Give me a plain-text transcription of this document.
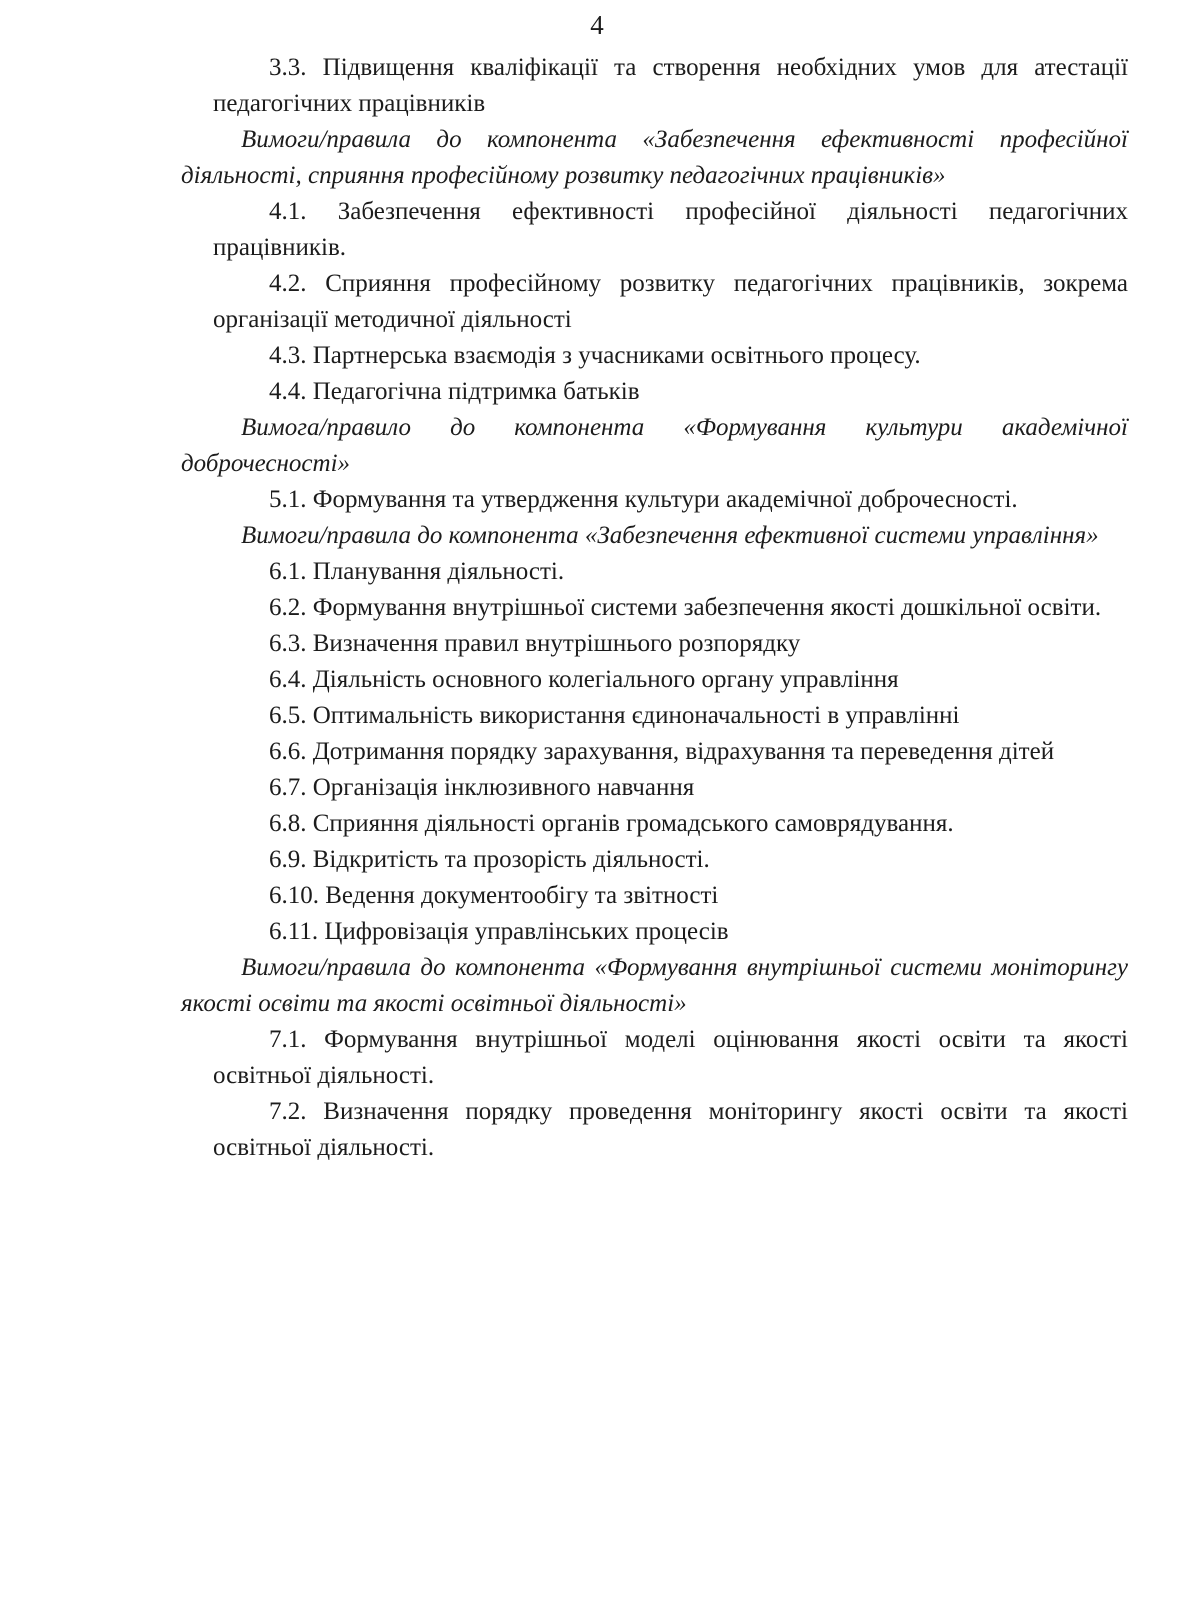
4

3.3. Підвищення кваліфікації та створення необхідних умов для атестації педагогічних працівників

Вимоги/правила до компонента «Забезпечення ефективності професійної діяльності, сприяння професійному розвитку педагогічних працівників»

4.1. Забезпечення ефективності професійної діяльності педагогічних працівників.

4.2. Сприяння професійному розвитку педагогічних працівників, зокрема організації методичної діяльності

4.3. Партнерська взаємодія з учасниками освітнього процесу.

4.4. Педагогічна підтримка батьків

Вимога/правило до компонента «Формування культури академічної доброчесності»

5.1. Формування та утвердження культури академічної доброчесності.

Вимоги/правила до компонента «Забезпечення ефективної системи управління»

6.1. Планування діяльності.

6.2. Формування внутрішньої системи забезпечення якості дошкільної освіти.

6.3. Визначення правил внутрішнього розпорядку

6.4. Діяльність основного колегіального органу управління

6.5. Оптимальність використання єдиноначальності в управлінні

6.6. Дотримання порядку зарахування, відрахування та переведення дітей

6.7. Організація інклюзивного навчання

6.8. Сприяння діяльності органів громадського самоврядування.

6.9. Відкритість та прозорість діяльності.

6.10. Ведення документообігу та звітності

6.11. Цифровізація управлінських процесів

Вимоги/правила до компонента «Формування внутрішньої системи моніторингу якості освіти та якості освітньої діяльності»

7.1. Формування внутрішньої моделі оцінювання якості освіти та якості освітньої діяльності.

7.2. Визначення порядку проведення моніторингу якості освіти та якості освітньої діяльності.
